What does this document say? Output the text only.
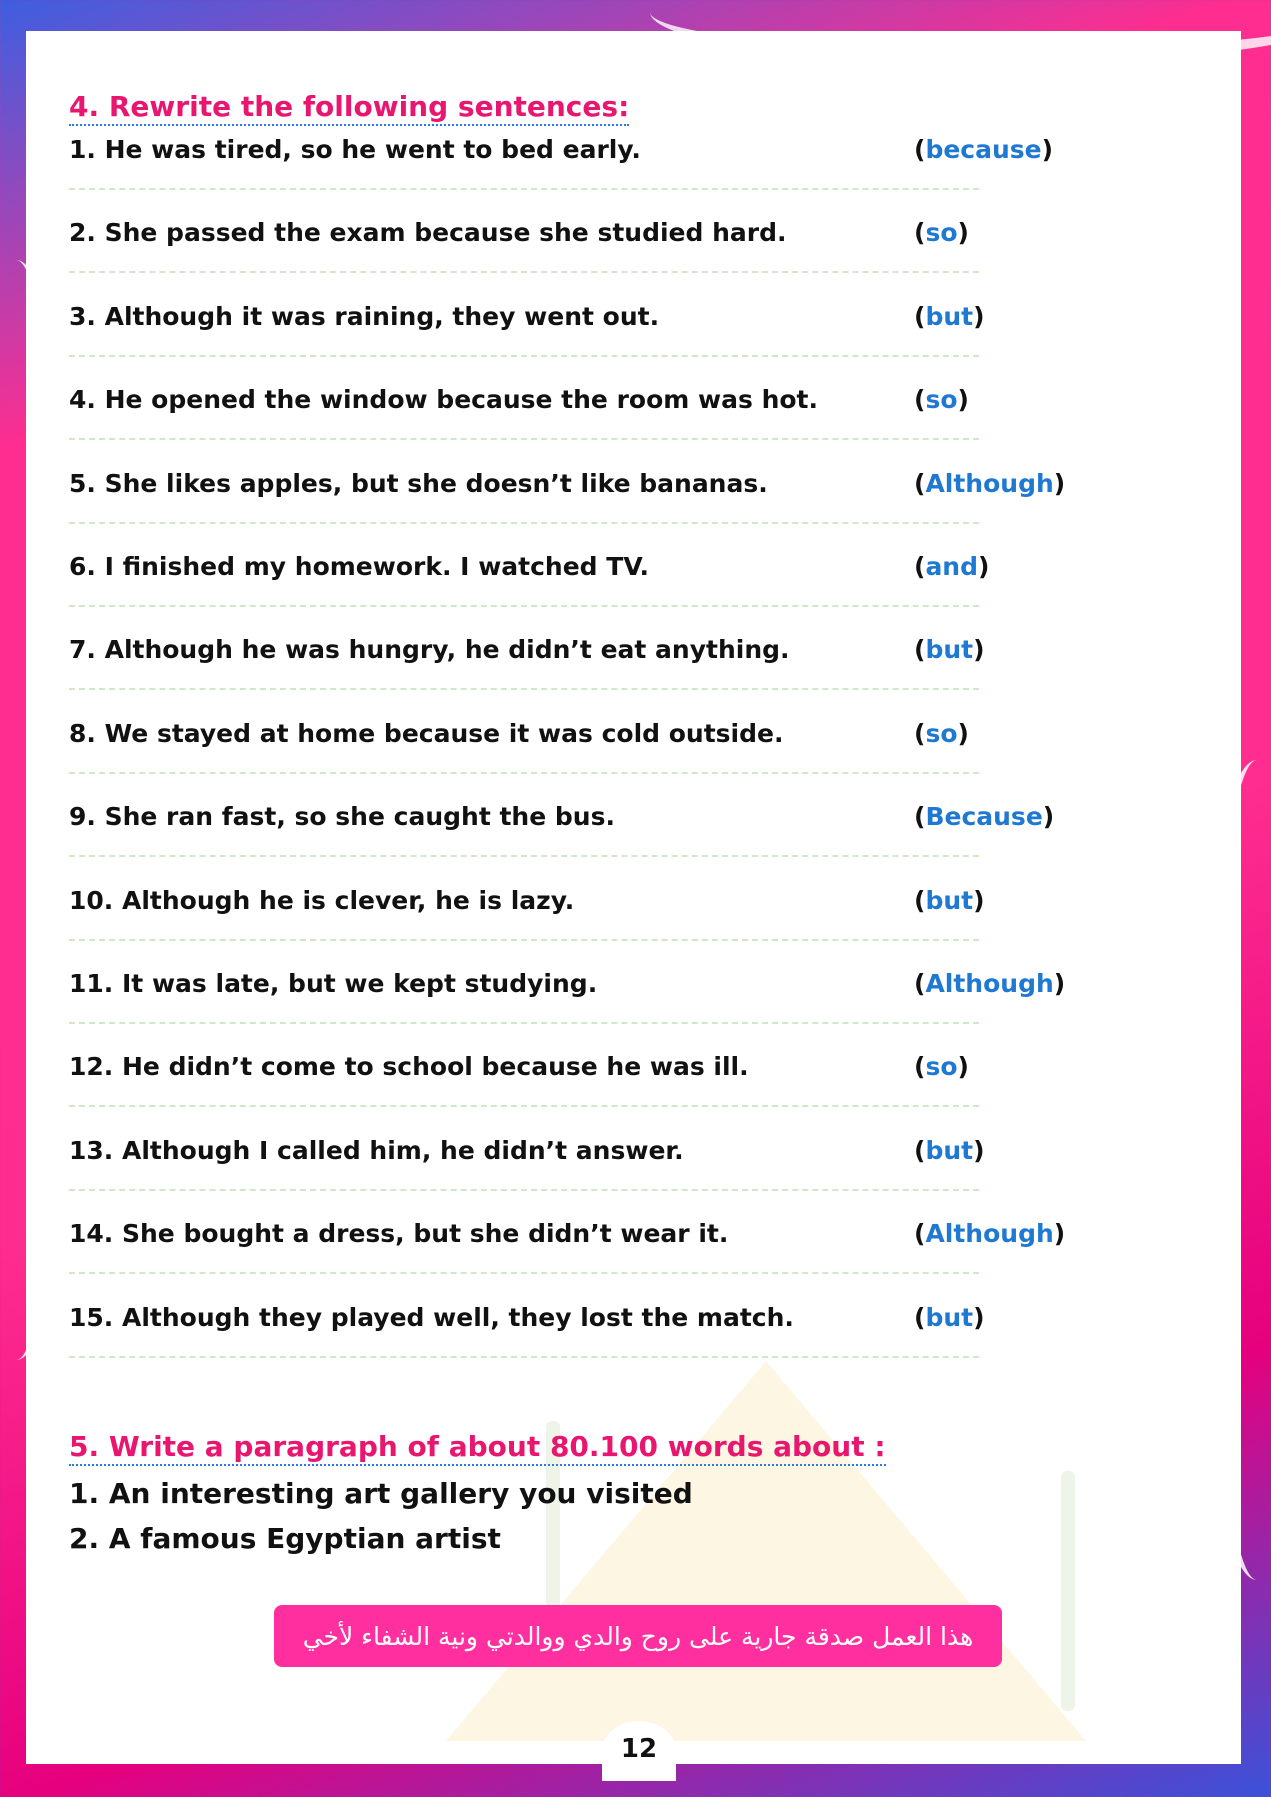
4. Rewrite the following sentences:
1. He was tired, so he went to bed early.	(because)
2. She passed the exam because she studied hard.	(so)
3. Although it was raining, they went out.	(but)
4. He opened the window because the room was hot.	(so)
5. She likes apples, but she doesn’t like bananas.	(Although)
6. I finished my homework. I watched TV.	(and)
7. Although he was hungry, he didn’t eat anything.	(but)
8. We stayed at home because it was cold outside.	(so)
9. She ran fast, so she caught the bus.	(Because)
10. Although he is clever, he is lazy.	(but)
11. It was late, but we kept studying.	(Although)
12. He didn’t come to school because he was ill.	(so)
13. Although I called him, he didn’t answer.	(but)
14. She bought a dress, but she didn’t wear it.	(Although)
15. Although they played well, they lost the match.	(but)
5. Write a paragraph of about 80.100 words about :
1. An interesting art gallery you visited
2. A famous Egyptian artist
هذا العمل صدقة جارية على روح والدي ووالدتي ونية الشفاء لأخي
12
